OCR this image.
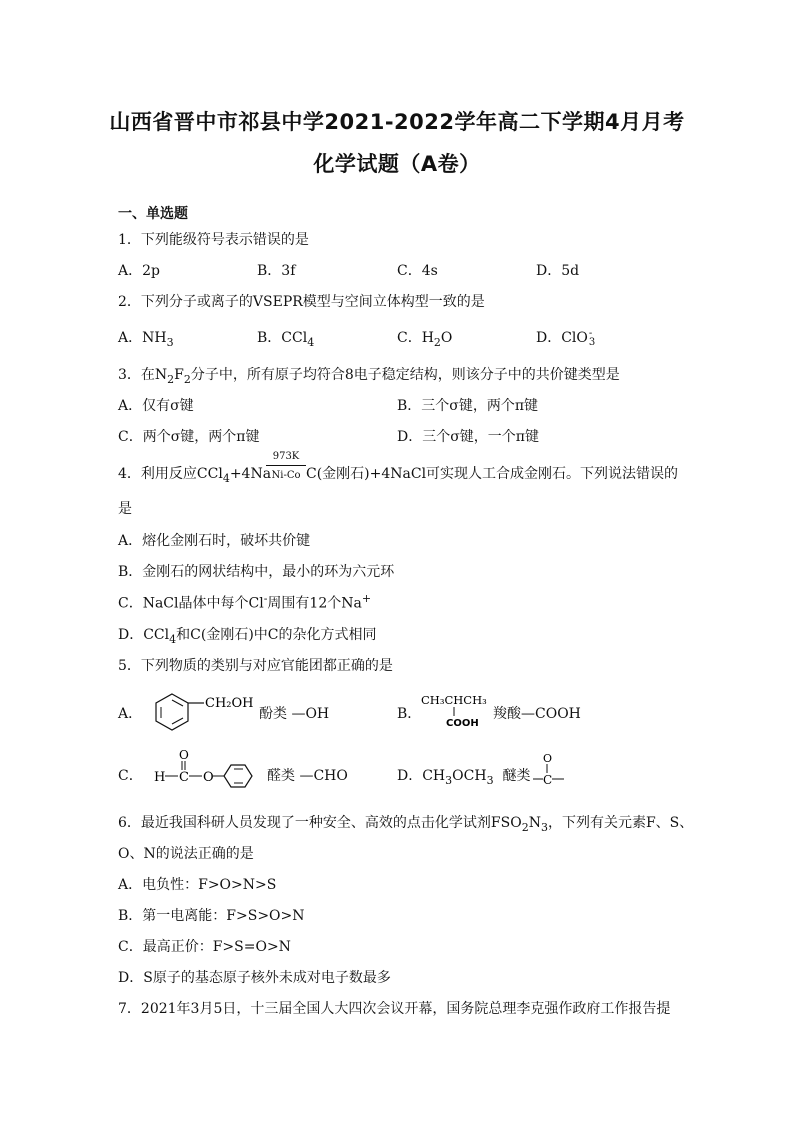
山西省晋中市祁县中学2021-2022学年高二下学期4月月考
化学试题（A卷）
一、单选题
1．下列能级符号表示错误的是
A．2p	B．3f	C．4s	D．5d
2．下列分子或离子的VSEPR模型与空间立体构型一致的是
A．$NH_3$	B．CCl$_4$	C．$H_2O$	D．ClO-
3
3．在$N_2F_2$分子中，所有原子均符合8电子稳定结构，则该分子中的共价键类型是
A．仅有σ键	B．三个σ键，两个π键
C．两个σ键，两个π键	D．三个σ键，一个π键
4．利用反应CCl$_4$+4Na
973K
Ni-Co C(金刚石)+4NaCl可实现人工合成金刚石。下列说法错误的
是
A．熔化金刚石时，破坏共价键
B．金刚石的网状结构中，最小的环为六元环
C．NaCl晶体中每个Cl-周围有12个Na+
D．CCl$_4$和C(金刚石)中C的杂化方式相同
5．下列物质的类别与对应官能团都正确的是
A．
CH₂OH
酚类 —OH	B．
CH₃CHCH₃
COOH
羧酸—COOH
C．
O
H C O	醛类 —CHO	D．$CH_3OCH_3$ 醚类
O
C
6．最近我国科研人员发现了一种安全、高效的点击化学试剂$FSO_2N_3$，下列有关元素F、S、
O、N的说法正确的是
A．电负性：F>O>N>S
B．第一电离能：F>S>O>N
C．最高正价：F>S=O>N
D．S原子的基态原子核外未成对电子数最多
7．2021年3月5日，十三届全国人大四次会议开幕，国务院总理李克强作政府工作报告提
